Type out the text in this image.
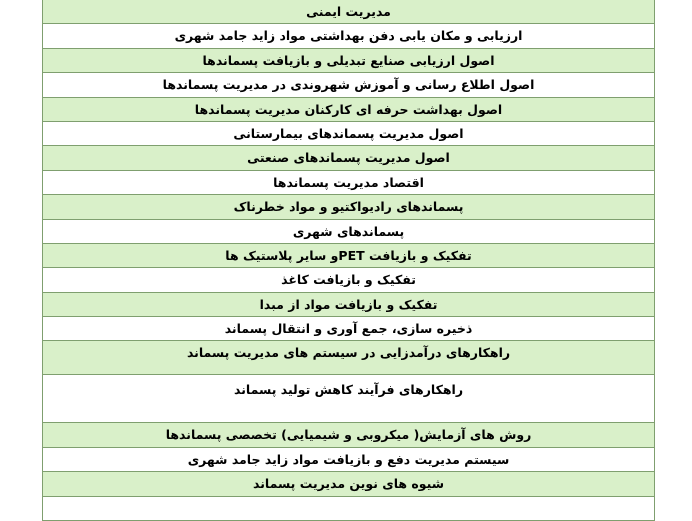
مدیریت ایمنی
ارزیابی و مکان یابی دفن بهداشتی مواد زاید جامد شهری
اصول ارزیابی صنایع تبدیلی و بازیافت پسماندها
اصول اطلاع رسانی و آموزش شهروندی در مدیریت پسماندها
اصول بهداشت حرفه ای کارکنان مدیریت پسماندها
اصول مدیریت پسماندهای بیمارستانی
اصول مدیریت پسماندهای صنعتی
اقتصاد مدیریت پسماندها
پسماندهای رادیواکتیو و مواد خطرناک
پسماندهای شهری
تفکیک و بازیافت PETو سایر پلاستیک ها
تفکیک و بازیافت کاغذ
تفکیک و بازیافت مواد از مبدا
ذخیره سازی، جمع آوری و انتقال پسماند
راهکارهای درآمدزایی در سیستم های مدیریت پسماند
راهکارهای فرآیند کاهش تولید پسماند
روش های آزمایش( میکروبی و شیمیایی) تخصصی پسماندها
سیستم مدیریت دفع و بازیافت مواد زاید جامد شهری
شیوه های نوین مدیریت پسماند
